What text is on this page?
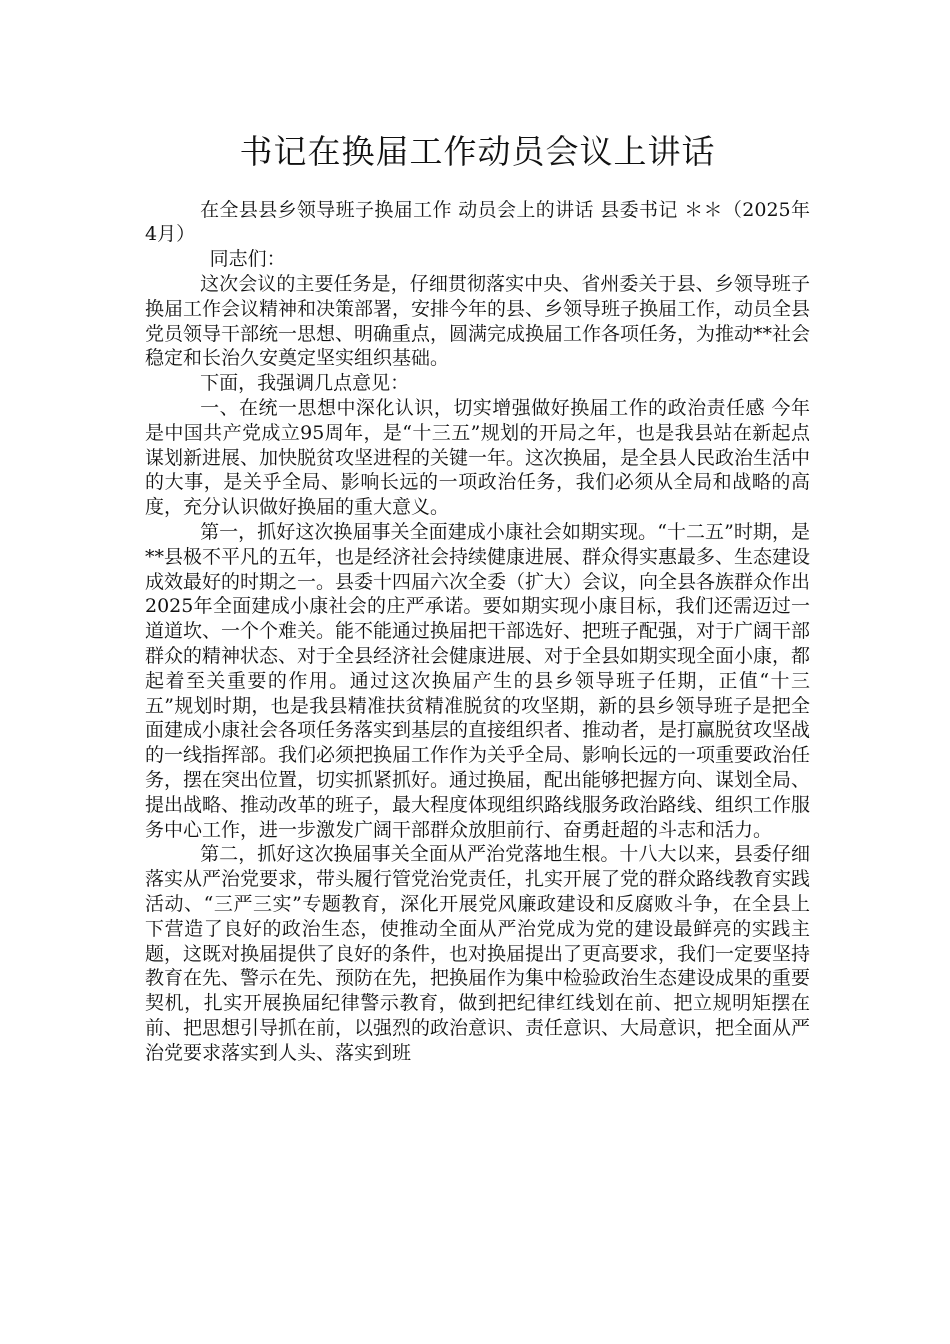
书记在换届工作动员会议上讲话

在全县县乡领导班子换届工作 动员会上的讲话 县委书记 ＊＊（2025年4月）

同志们：

这次会议的主要任务是，仔细贯彻落实中央、省州委关于县、乡领导班子换届工作会议精神和决策部署，安排今年的县、乡领导班子换届工作，动员全县党员领导干部统一思想、明确重点，圆满完成换届工作各项任务，为推动**社会稳定和长治久安奠定坚实组织基础。

下面，我强调几点意见：

一、在统一思想中深化认识，切实增强做好换届工作的政治责任感 今年是中国共产党成立95周年，是“十三五”规划的开局之年，也是我县站在新起点谋划新进展、加快脱贫攻坚进程的关键一年。这次换届，是全县人民政治生活中的大事，是关乎全局、影响长远的一项政治任务，我们必须从全局和战略的高度，充分认识做好换届的重大意义。

第一，抓好这次换届事关全面建成小康社会如期实现。“十二五”时期，是**县极不平凡的五年，也是经济社会持续健康进展、群众得实惠最多、生态建设成效最好的时期之一。县委十四届六次全委（扩大）会议，向全县各族群众作出2025年全面建成小康社会的庄严承诺。要如期实现小康目标，我们还需迈过一道道坎、一个个难关。能不能通过换届把干部选好、把班子配强，对于广阔干部群众的精神状态、对于全县经济社会健康进展、对于全县如期实现全面小康，都起着至关重要的作用。通过这次换届产生的县乡领导班子任期，正值“十三五”规划时期，也是我县精准扶贫精准脱贫的攻坚期，新的县乡领导班子是把全面建成小康社会各项任务落实到基层的直接组织者、推动者，是打赢脱贫攻坚战的一线指挥部。我们必须把换届工作作为关乎全局、影响长远的一项重要政治任务，摆在突出位置，切实抓紧抓好。通过换届，配出能够把握方向、谋划全局、提出战略、推动改革的班子，最大程度体现组织路线服务政治路线、组织工作服务中心工作，进一步激发广阔干部群众放胆前行、奋勇赶超的斗志和活力。

第二，抓好这次换届事关全面从严治党落地生根。十八大以来，县委仔细落实从严治党要求，带头履行管党治党责任，扎实开展了党的群众路线教育实践活动、“三严三实”专题教育，深化开展党风廉政建设和反腐败斗争，在全县上下营造了良好的政治生态，使推动全面从严治党成为党的建设最鲜亮的实践主题，这既对换届提供了良好的条件，也对换届提出了更高要求，我们一定要坚持教育在先、警示在先、预防在先，把换届作为集中检验政治生态建设成果的重要契机，扎实开展换届纪律警示教育，做到把纪律红线划在前、把立规明矩摆在前、把思想引导抓在前，以强烈的政治意识、责任意识、大局意识，把全面从严治党要求落实到人头、落实到班
